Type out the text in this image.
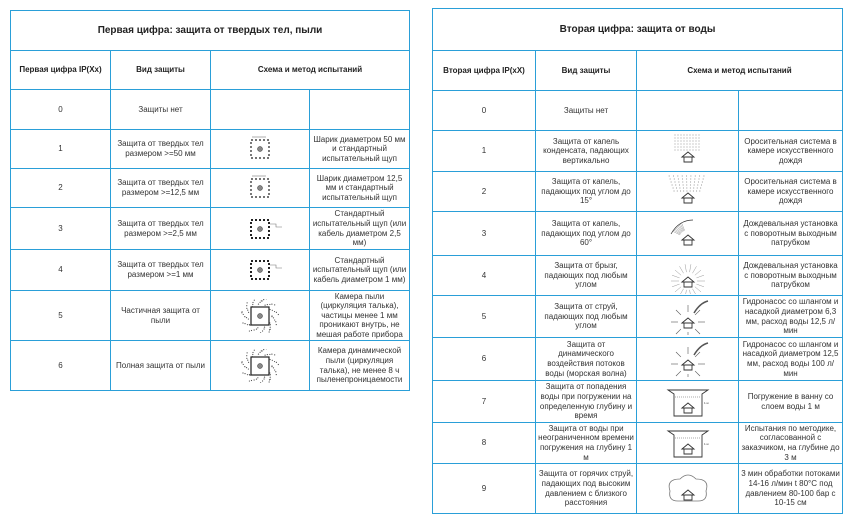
Первая цифра: защита от твердых тел, пыли			
Первая цифра IP(Xx)	Вид защиты	Схема и метод испытаний	
0	Защиты нет		
1	Защита от твердых тел размером >=50 мм		Шарик диаметром 50 мм и стандартный испытательный щуп
2	Защита от твердых тел размером >=12,5 мм		Шарик диаметром 12,5 мм и стандартный испытательный щуп
3	Защита от твердых тел размером >=2,5 мм		Стандартный испытательный щуп (или кабель диаметром 2,5 мм)
4	Защита от твердых тел размером >=1 мм		Стандартный испытательный щуп (или кабель диаметром 1 мм)
5	Частичная защита от пыли		Камера пыли (циркуляция талька), частицы менее 1 мм проникают внутрь, не мешая работе прибора
6	Полная защита от пыли		Камера динамической пыли (циркуляция талька), не менее 8 ч пыленепроницаемости
Вторая цифра: защита от воды			
Вторая цифра IP(xX)	Вид защиты	Схема и метод испытаний	
0	Защиты нет		
1	Защита от капель конденсата, падающих вертикально		Оросительная система в камере искусственного дождя
2	Защита от капель, падающих под углом до 15°		Оросительная система в камере искусственного дождя
3	Защита от капель, падающих под углом до 60°		Дождевальная установка с поворотным выходным патрубком
4	Защита от брызг, падающих под любым углом		Дождевальная установка с поворотным выходным патрубком
5	Защита от струй, падающих под любым углом		Гидронасос со шлангом и насадкой диаметром 6,3 мм, расход воды 12,5 л/мин
6	Защита от динамического воздействия потоков воды (морская волна)		Гидронасос со шлангом и насадкой диаметром 12,5 мм, расход воды 100 л/мин
7	Защита от попадения воды при погружении на определенную глубину и время	1 м	Погружение в ванну со слоем воды 1 м
8	Защита от воды при неограниченном времени погружения на глубину 1 м	1 м	Испытания по методике, согласованной с заказчиком, на глубине до 3 м
9	Защита от горячих струй, падающих под высоким давлением с близкого расстояния		3 мин обработки потоками 14-16 л/мин t 80°C под давлением 80-100 бар с 10-15 см
